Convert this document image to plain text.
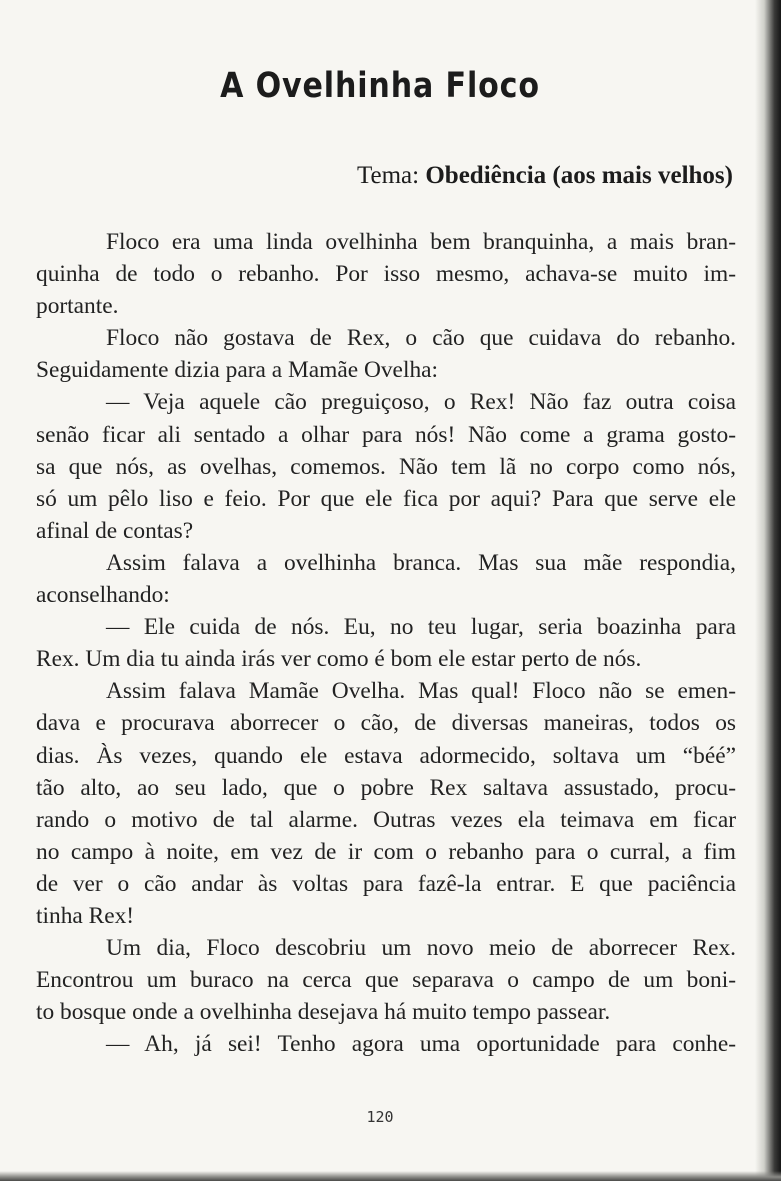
A Ovelhinha Floco
Tema: Obediência (aos mais velhos)
Floco era uma linda ovelhinha bem branquinha, a mais bran-
quinha de todo o rebanho. Por isso mesmo, achava-se muito im-
portante.
Floco não gostava de Rex, o cão que cuidava do rebanho.
Seguidamente dizia para a Mamãe Ovelha:
— Veja aquele cão preguiçoso, o Rex! Não faz outra coisa
senão ficar ali sentado a olhar para nós! Não come a grama gosto-
sa que nós, as ovelhas, comemos. Não tem lã no corpo como nós,
só um pêlo liso e feio. Por que ele fica por aqui? Para que serve ele
afinal de contas?
Assim falava a ovelhinha branca. Mas sua mãe respondia,
aconselhando:
— Ele cuida de nós. Eu, no teu lugar, seria boazinha para
Rex. Um dia tu ainda irás ver como é bom ele estar perto de nós.
Assim falava Mamãe Ovelha. Mas qual! Floco não se emen-
dava e procurava aborrecer o cão, de diversas maneiras, todos os
dias. Às vezes, quando ele estava adormecido, soltava um “béé”
tão alto, ao seu lado, que o pobre Rex saltava assustado, procu-
rando o motivo de tal alarme. Outras vezes ela teimava em ficar
no campo à noite, em vez de ir com o rebanho para o curral, a fim
de ver o cão andar às voltas para fazê-la entrar. E que paciência
tinha Rex!
Um dia, Floco descobriu um novo meio de aborrecer Rex.
Encontrou um buraco na cerca que separava o campo de um boni-
to bosque onde a ovelhinha desejava há muito tempo passear.
— Ah, já sei! Tenho agora uma oportunidade para conhe-
120
